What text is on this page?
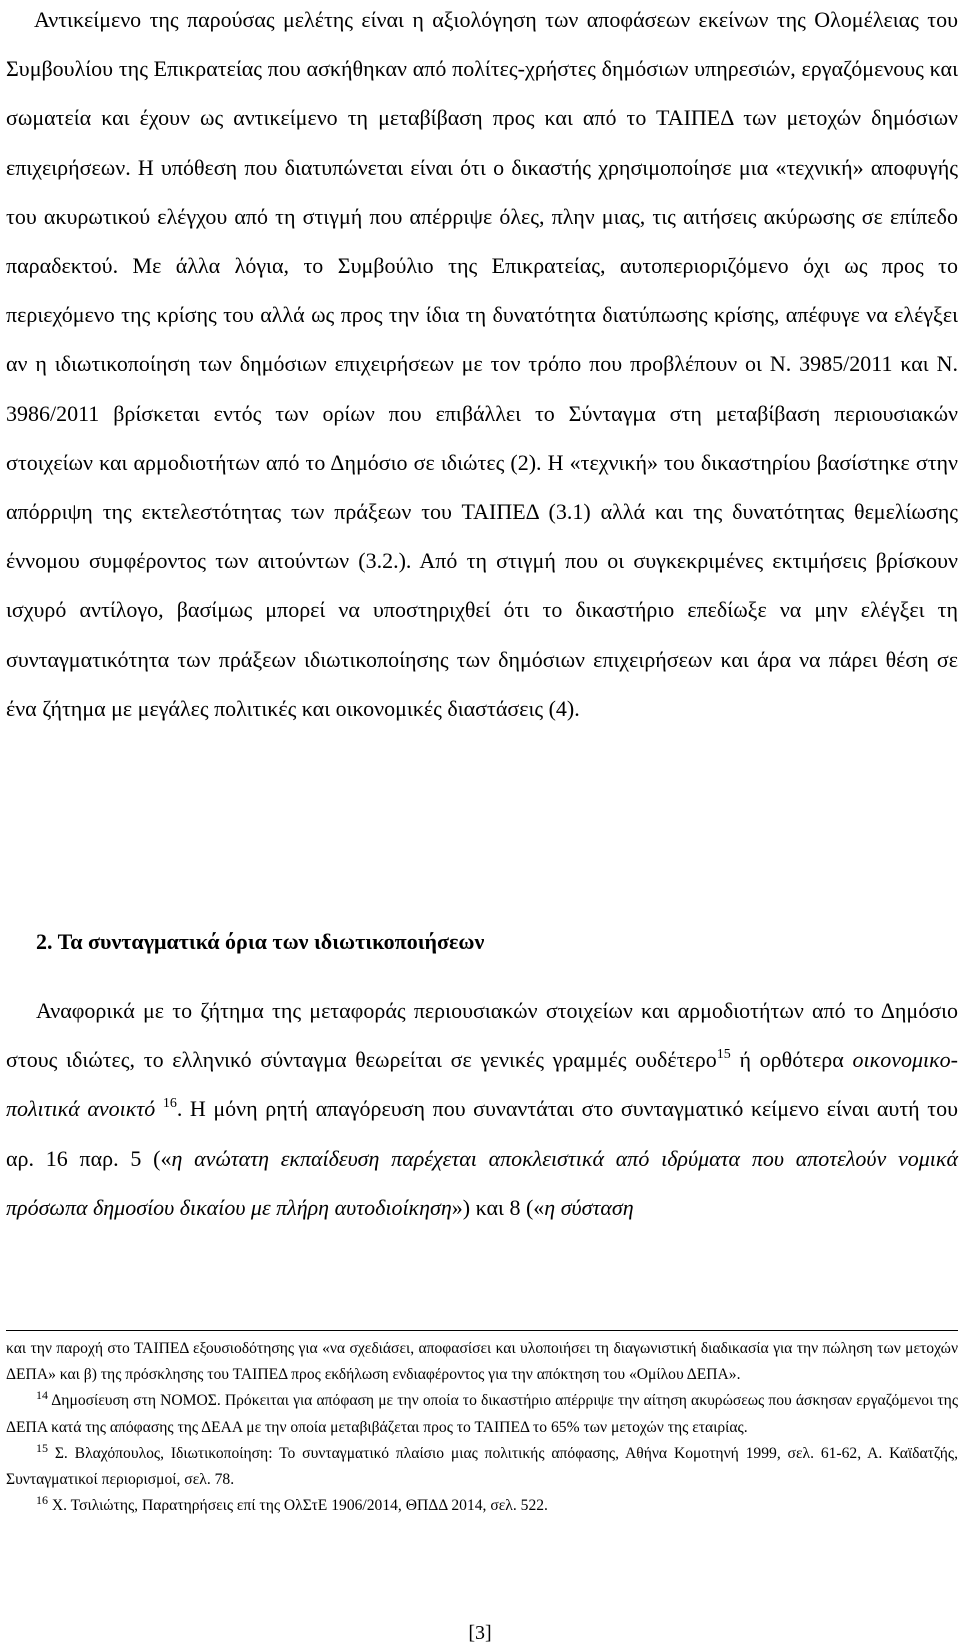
Αντικείμενο της παρούσας μελέτης είναι η αξιολόγηση των αποφάσεων εκείνων της Ολομέλειας του Συμβουλίου της Επικρατείας που ασκήθηκαν από πολίτες-χρήστες δημόσιων υπηρεσιών, εργαζόμενους και σωματεία και έχουν ως αντικείμενο τη μεταβίβαση προς και από το ΤΑΙΠΕΔ των μετοχών δημόσιων επιχειρήσεων. Η υπόθεση που διατυπώνεται είναι ότι ο δικαστής χρησιμοποίησε μια «τεχνική» αποφυγής του ακυρωτικού ελέγχου από τη στιγμή που απέρριψε όλες, πλην μιας, τις αιτήσεις ακύρωσης σε επίπεδο παραδεκτού. Με άλλα λόγια, το Συμβούλιο της Επικρατείας, αυτοπεριοριζόμενο όχι ως προς το περιεχόμενο της κρίσης του αλλά ως προς την ίδια τη δυνατότητα διατύπωσης κρίσης, απέφυγε να ελέγξει αν η ιδιωτικοποίηση των δημόσιων επιχειρήσεων με τον τρόπο που προβλέπουν οι Ν. 3985/2011 και Ν. 3986/2011 βρίσκεται εντός των ορίων που επιβάλλει το Σύνταγμα στη μεταβίβαση περιουσιακών στοιχείων και αρμοδιοτήτων από το Δημόσιο σε ιδιώτες (2). Η «τεχνική» του δικαστηρίου βασίστηκε στην απόρριψη της εκτελεστότητας των πράξεων του ΤΑΙΠΕΔ (3.1) αλλά και της δυνατότητας θεμελίωσης έννομου συμφέροντος των αιτούντων (3.2.). Από τη στιγμή που οι συγκεκριμένες εκτιμήσεις βρίσκουν ισχυρό αντίλογο, βασίμως μπορεί να υποστηριχθεί ότι το δικαστήριο επεδίωξε να μην ελέγξει τη συνταγματικότητα των πράξεων ιδιωτικοποίησης των δημόσιων επιχειρήσεων και άρα να πάρει θέση σε ένα ζήτημα με μεγάλες πολιτικές και οικονομικές διαστάσεις (4).

2. Τα συνταγματικά όρια των ιδιωτικοποιήσεων

Αναφορικά με το ζήτημα της μεταφοράς περιουσιακών στοιχείων και αρμοδιοτήτων από το Δημόσιο στους ιδιώτες, το ελληνικό σύνταγμα θεωρείται σε γενικές γραμμές ουδέτερο$^{15}$ ή ορθότερα οικονομικο-πολιτικά ανοικτό $^{16}$. Η μόνη ρητή απαγόρευση που συναντάται στο συνταγματικό κείμενο είναι αυτή του αρ. 16 παρ. 5 («η ανώτατη εκπαίδευση παρέχεται αποκλειστικά από ιδρύματα που αποτελούν νομικά πρόσωπα δημοσίου δικαίου με πλήρη αυτοδιοίκηση») και 8 («η σύσταση

και την παροχή στο ΤΑΙΠΕΔ εξουσιοδότησης για «να σχεδιάσει, αποφασίσει και υλοποιήσει τη διαγωνιστική διαδικασία για την πώληση των μετοχών ΔΕΠΑ» και β) της πρόσκλησης του ΤΑΙΠΕΔ προς εκδήλωση ενδιαφέροντος για την απόκτηση του «Ομίλου ΔΕΠΑ».

$^{14}$ Δημοσίευση στη ΝΟΜΟΣ. Πρόκειται για απόφαση με την οποία το δικαστήριο απέρριψε την αίτηση ακυρώσεως που άσκησαν εργαζόμενοι της ΔΕΠΑ κατά της απόφασης της ΔΕΑΑ με την οποία μεταβιβάζεται προς το ΤΑΙΠΕΔ το 65% των μετοχών της εταιρίας.

$^{15}$ Σ. Βλαχόπουλος, Ιδιωτικοποίηση: Το συνταγματικό πλαίσιο μιας πολιτικής απόφασης, Αθήνα Κομοτηνή 1999, σελ. 61-62, Α. Καϊδατζής, Συνταγματικοί περιορισμοί, σελ. 78.

$^{16}$ Χ. Τσιλιώτης, Παρατηρήσεις επί της ΟλΣτΕ 1906/2014, ΘΠΔΔ 2014, σελ. 522.

[3]
